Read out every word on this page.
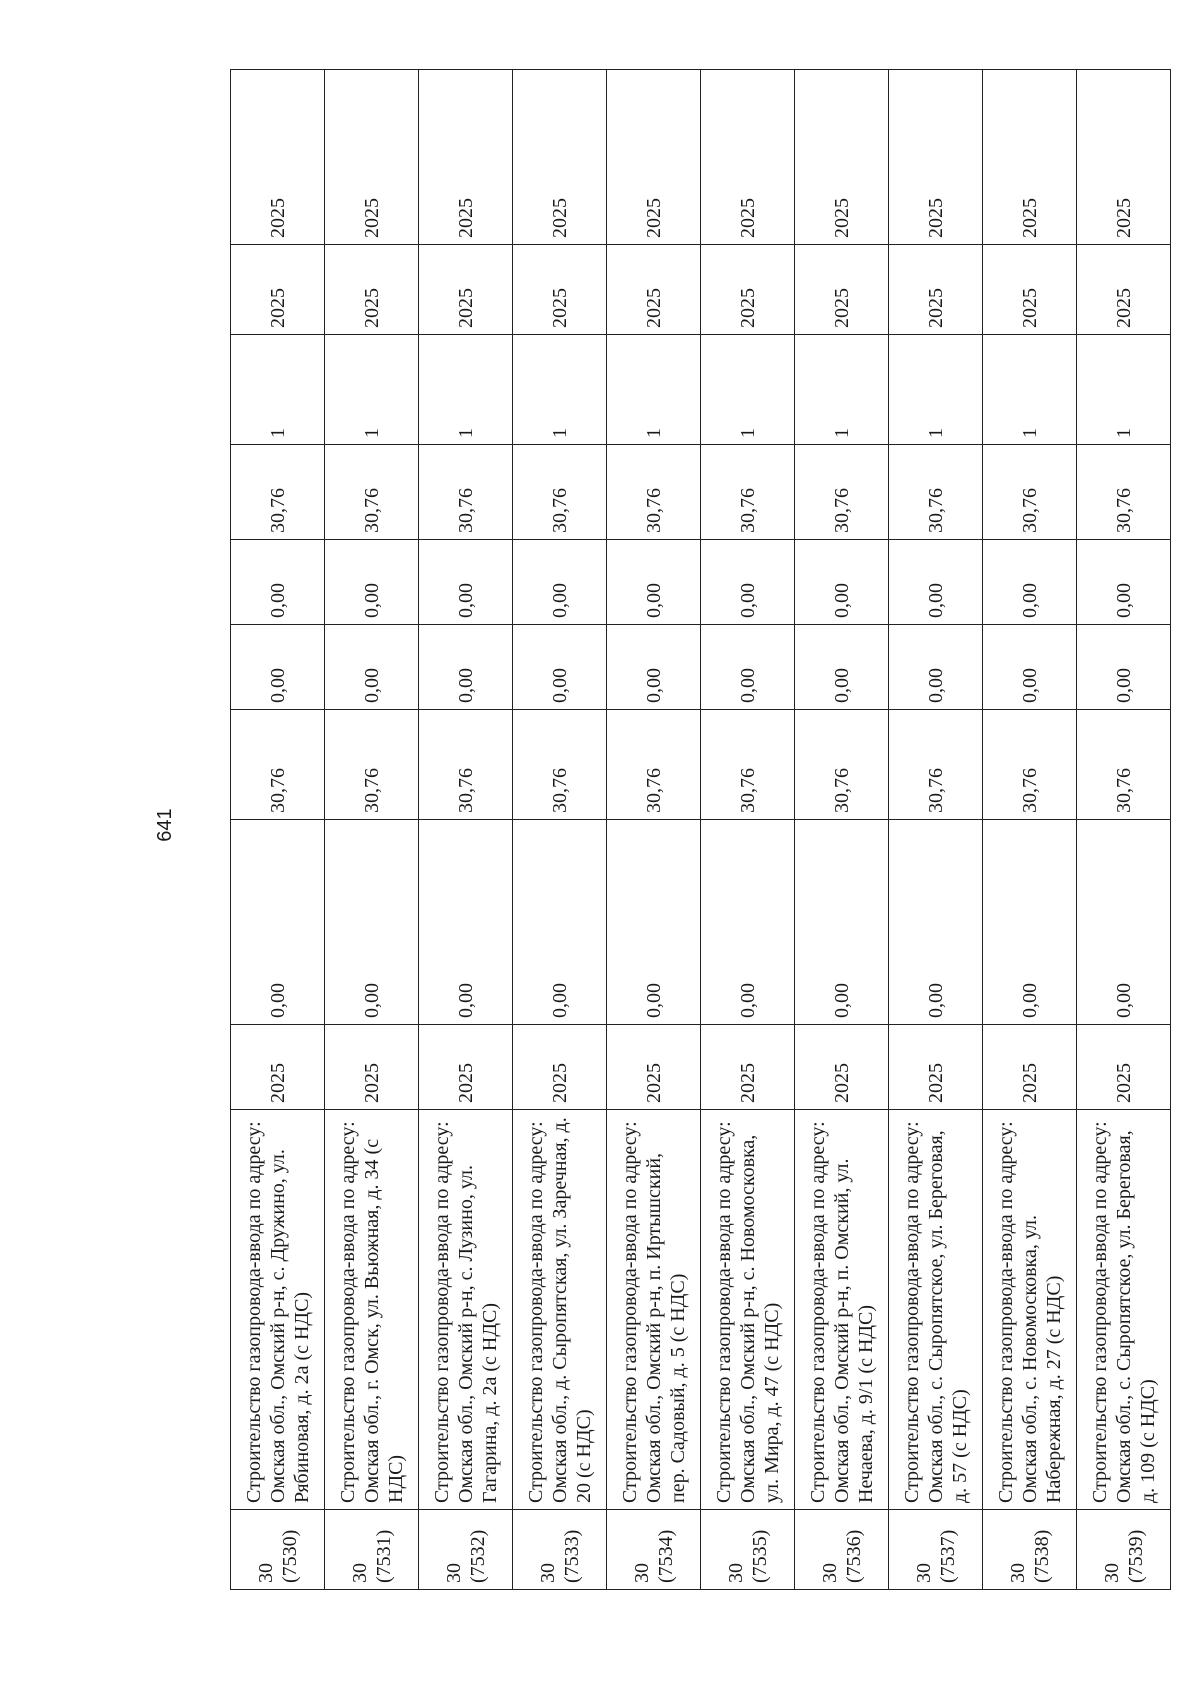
641
30 (7530)	Строительство газопровода-ввода по адресу: Омская обл., Омский р-н, с. Дружино, ул. Рябиновая, д. 2а (с НДС)	2025	0,00	30,76	0,00	0,00	30,76	1	2025	2025

30 (7531)	Строительство газопровода-ввода по адресу: Омская обл., г. Омск, ул. Вьюжная, д. 34 (с НДС)	2025	0,00	30,76	0,00	0,00	30,76	1	2025	2025

30 (7532)	Строительство газопровода-ввода по адресу: Омская обл., Омский р-н, с. Лузино, ул. Гагарина, д. 2а (с НДС)	2025	0,00	30,76	0,00	0,00	30,76	1	2025	2025

30 (7533)	Строительство газопровода-ввода по адресу: Омская обл., д. Сыропятская, ул. Заречная, д. 20 (с НДС)	2025	0,00	30,76	0,00	0,00	30,76	1	2025	2025

30 (7534)	Строительство газопровода-ввода по адресу: Омская обл., Омский р-н, п. Иртышский, пер. Садовый, д. 5 (с НДС)	2025	0,00	30,76	0,00	0,00	30,76	1	2025	2025

30 (7535)	Строительство газопровода-ввода по адресу: Омская обл., Омский р-н, с. Новомосковка, ул. Мира, д. 47 (с НДС)	2025	0,00	30,76	0,00	0,00	30,76	1	2025	2025

30 (7536)	Строительство газопровода-ввода по адресу: Омская обл., Омский р-н, п. Омский, ул. Нечаева, д. 9/1 (с НДС)	2025	0,00	30,76	0,00	0,00	30,76	1	2025	2025

30 (7537)	Строительство газопровода-ввода по адресу: Омская обл., с. Сыропятское, ул. Береговая, д. 57 (с НДС)	2025	0,00	30,76	0,00	0,00	30,76	1	2025	2025

30 (7538)	Строительство газопровода-ввода по адресу: Омская обл., с. Новомосковка, ул. Набережная, д. 27 (с НДС)	2025	0,00	30,76	0,00	0,00	30,76	1	2025	2025

30 (7539)	Строительство газопровода-ввода по адресу: Омская обл., с. Сыропятское, ул. Береговая, д. 109 (с НДС)	2025	0,00	30,76	0,00	0,00	30,76	1	2025	2025
